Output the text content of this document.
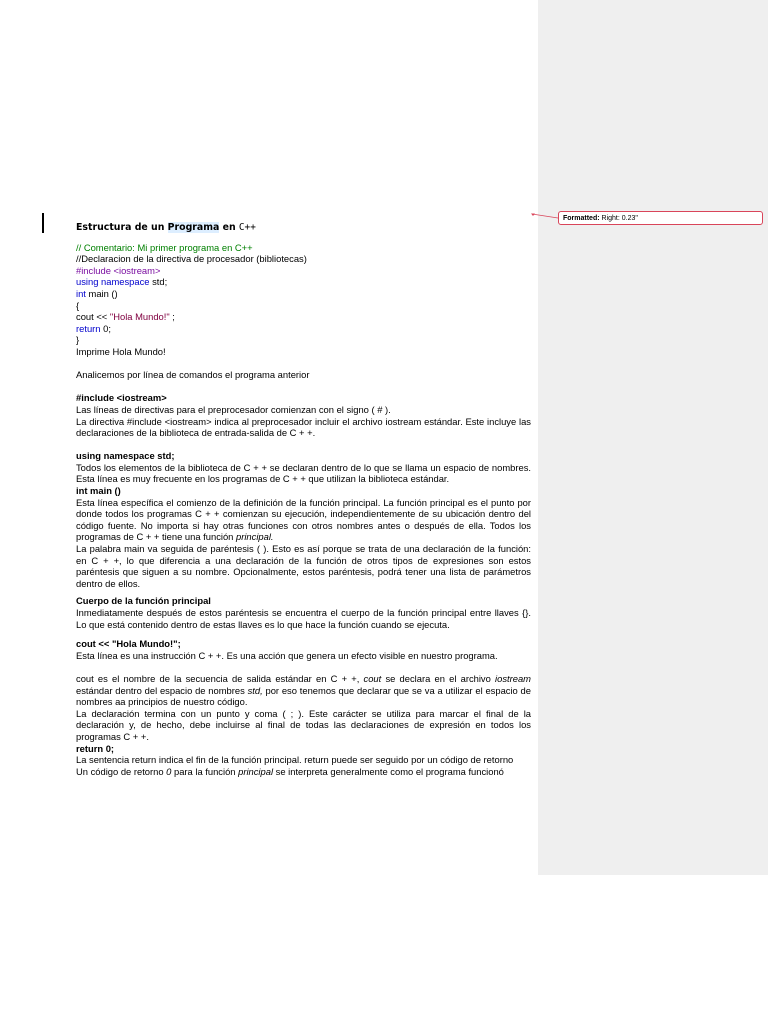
Formatted: Right: 0.23"
Estructura de un Programa en C++
// Comentario: Mi primer programa en C++
//Declaracion de la directiva de procesador (bibliotecas)
#include <iostream>
using namespace std;
int main ()
{
cout << "Hola Mundo!" ;
return 0;
}
Imprime Hola Mundo!
Analicemos por línea de comandos el programa anterior
#include <iostream>
Las líneas de directivas para el preprocesador comienzan con el signo ( # ).
La directiva #include <iostream> indica al preprocesador incluir el archivo iostream estándar. Este incluye las declaraciones de la biblioteca de entrada-salida de C + +.
using namespace std;
Todos los elementos de la biblioteca de C + + se declaran dentro de lo que se llama un espacio de nombres. Esta línea es muy frecuente en los programas de C + + que utilizan la biblioteca estándar.
int main ()
Esta línea específica el comienzo de la definición de la función principal. La función principal es el punto por donde todos los programas C + + comienzan su ejecución, independientemente de su ubicación dentro del código fuente. No importa si hay otras funciones con otros nombres antes o después de ella. Todos los programas de C + + tiene una función principal.
La palabra main va seguida de paréntesis ( ). Esto es así porque se trata de una declaración de la función: en C + +, lo que diferencia a una declaración de la función de otros tipos de expresiones son estos paréntesis que siguen a su nombre. Opcionalmente, estos paréntesis, podrá tener una lista de parámetros dentro de ellos.
Cuerpo de la función principal
Inmediatamente después de estos paréntesis se encuentra el cuerpo de la función principal entre llaves {}. Lo que está contenido dentro de estas llaves es lo que hace la función cuando se ejecuta.
cout << "Hola Mundo!";
Esta línea es una instrucción C + +. Es una acción que genera un efecto visible en nuestro programa.
cout es el nombre de la secuencia de salida estándar en C + +, cout se declara en el archivo iostream estándar dentro del espacio de nombres std, por eso tenemos que declarar que se va a utilizar el espacio de nombres aa principios de nuestro código.
La declaración termina con un punto y coma ( ; ). Este carácter se utiliza para marcar el final de la declaración y, de hecho, debe incluirse al final de todas las declaraciones de expresión en todos los programas C + +.
return 0;
La sentencia return indica el fin de la función principal. return puede ser seguido por un código de retorno
Un código de retorno 0 para la función principal se interpreta generalmente como el programa funcionó
